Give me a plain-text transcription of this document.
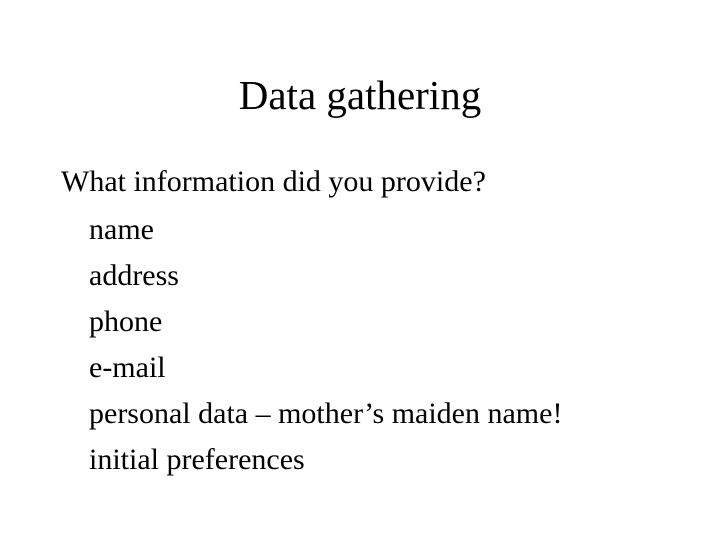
Data gathering
What information did you provide?
name
address
phone
e-mail
personal data – mother’s maiden name!
initial preferences
